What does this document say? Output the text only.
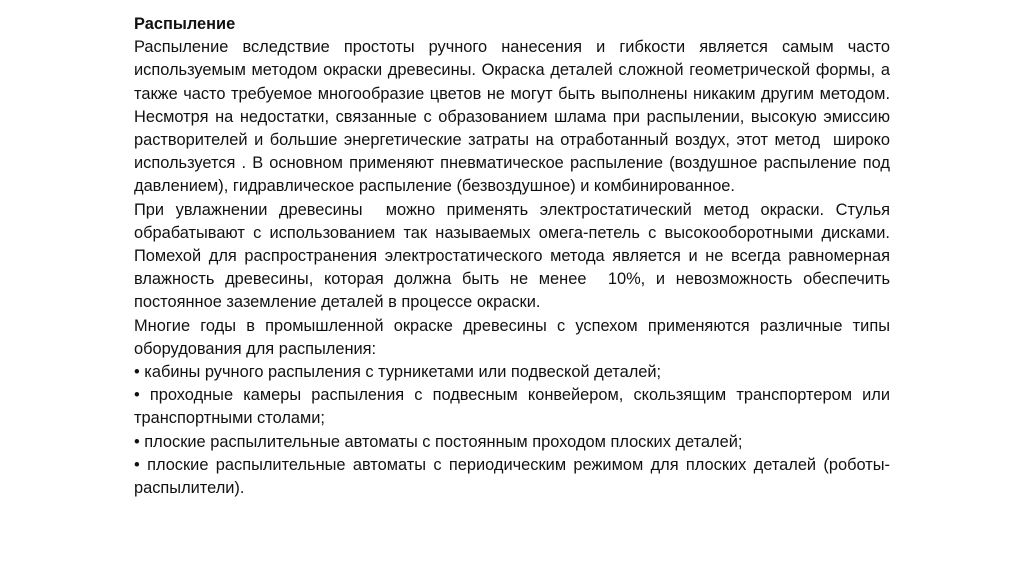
Распыление

Распыление вследствие простоты ручного нанесения и гибкости является самым часто используемым методом окраски древесины. Окраска деталей сложной геометрической формы, а также часто требуемое многообразие цветов не могут быть выполнены никаким другим методом. Несмотря на недостатки, связанные с образованием шлама при распылении, высокую эмиссию растворителей и большие энергетические затраты на отработанный воздух, этот метод  широко используется . В основном применяют пневматическое распыление (воздушное распыление под давлением), гидравлическое распыление (безвоздушное) и комбинированное.

При увлажнении древесины  можно применять электростатический метод окраски. Стулья обрабатывают с использованием так называемых омега-петель с высокооборотными дисками. Помехой для распространения электростатического метода является и не всегда равномерная влажность древесины, которая должна быть не менее  10%, и невозможность обеспечить постоянное заземление деталей в процессе окраски.

Многие годы в промышленной окраске древесины с успехом применяются различные типы оборудования для распыления:

• кабины ручного распыления с турникетами или подвеской деталей;

• проходные камеры распыления с подвесным конвейером, скользящим транспортером или транспортными столами;

• плоские распылительные автоматы с постоянным проходом плоских деталей;

• плоские распылительные автоматы с периодическим режимом для плоских деталей (роботы-распылители).
